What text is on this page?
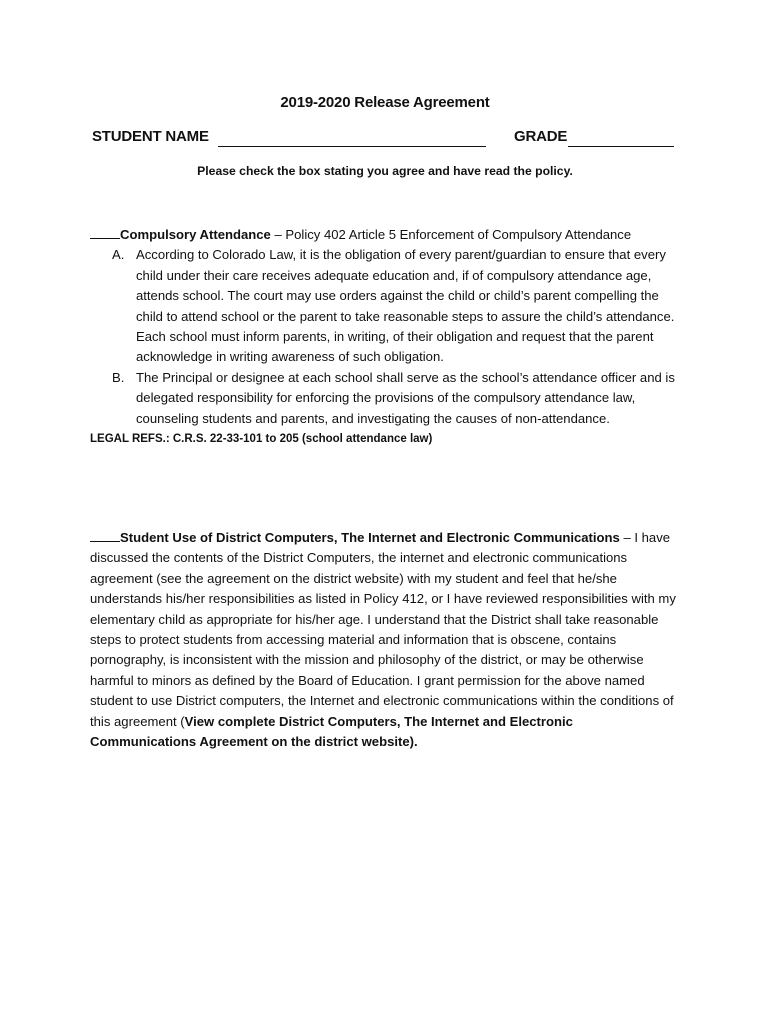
2019-2020 Release Agreement
STUDENT NAME	GRADE
Please check the box stating you agree and have read the policy.
Compulsory Attendance – Policy 402 Article 5 Enforcement of Compulsory Attendance
A. According to Colorado Law, it is the obligation of every parent/guardian to ensure that every child under their care receives adequate education and, if of compulsory attendance age, attends school. The court may use orders against the child or child’s parent compelling the child to attend school or the parent to take reasonable steps to assure the child’s attendance. Each school must inform parents, in writing, of their obligation and request that the parent acknowledge in writing awareness of such obligation.
B. The Principal or designee at each school shall serve as the school’s attendance officer and is delegated responsibility for enforcing the provisions of the compulsory attendance law, counseling students and parents, and investigating the causes of non-attendance.
LEGAL REFS.: C.R.S. 22-33-101 to 205 (school attendance law)
Student Use of District Computers, The Internet and Electronic Communications – I have discussed the contents of the District Computers, the internet and electronic communications agreement (see the agreement on the district website) with my student and feel that he/she understands his/her responsibilities as listed in Policy 412, or I have reviewed responsibilities with my elementary child as appropriate for his/her age. I understand that the District shall take reasonable steps to protect students from accessing material and information that is obscene, contains pornography, is inconsistent with the mission and philosophy of the district, or may be otherwise harmful to minors as defined by the Board of Education. I grant permission for the above named student to use District computers, the Internet and electronic communications within the conditions of this agreement (View complete District Computers, The Internet and Electronic Communications Agreement on the district website).
